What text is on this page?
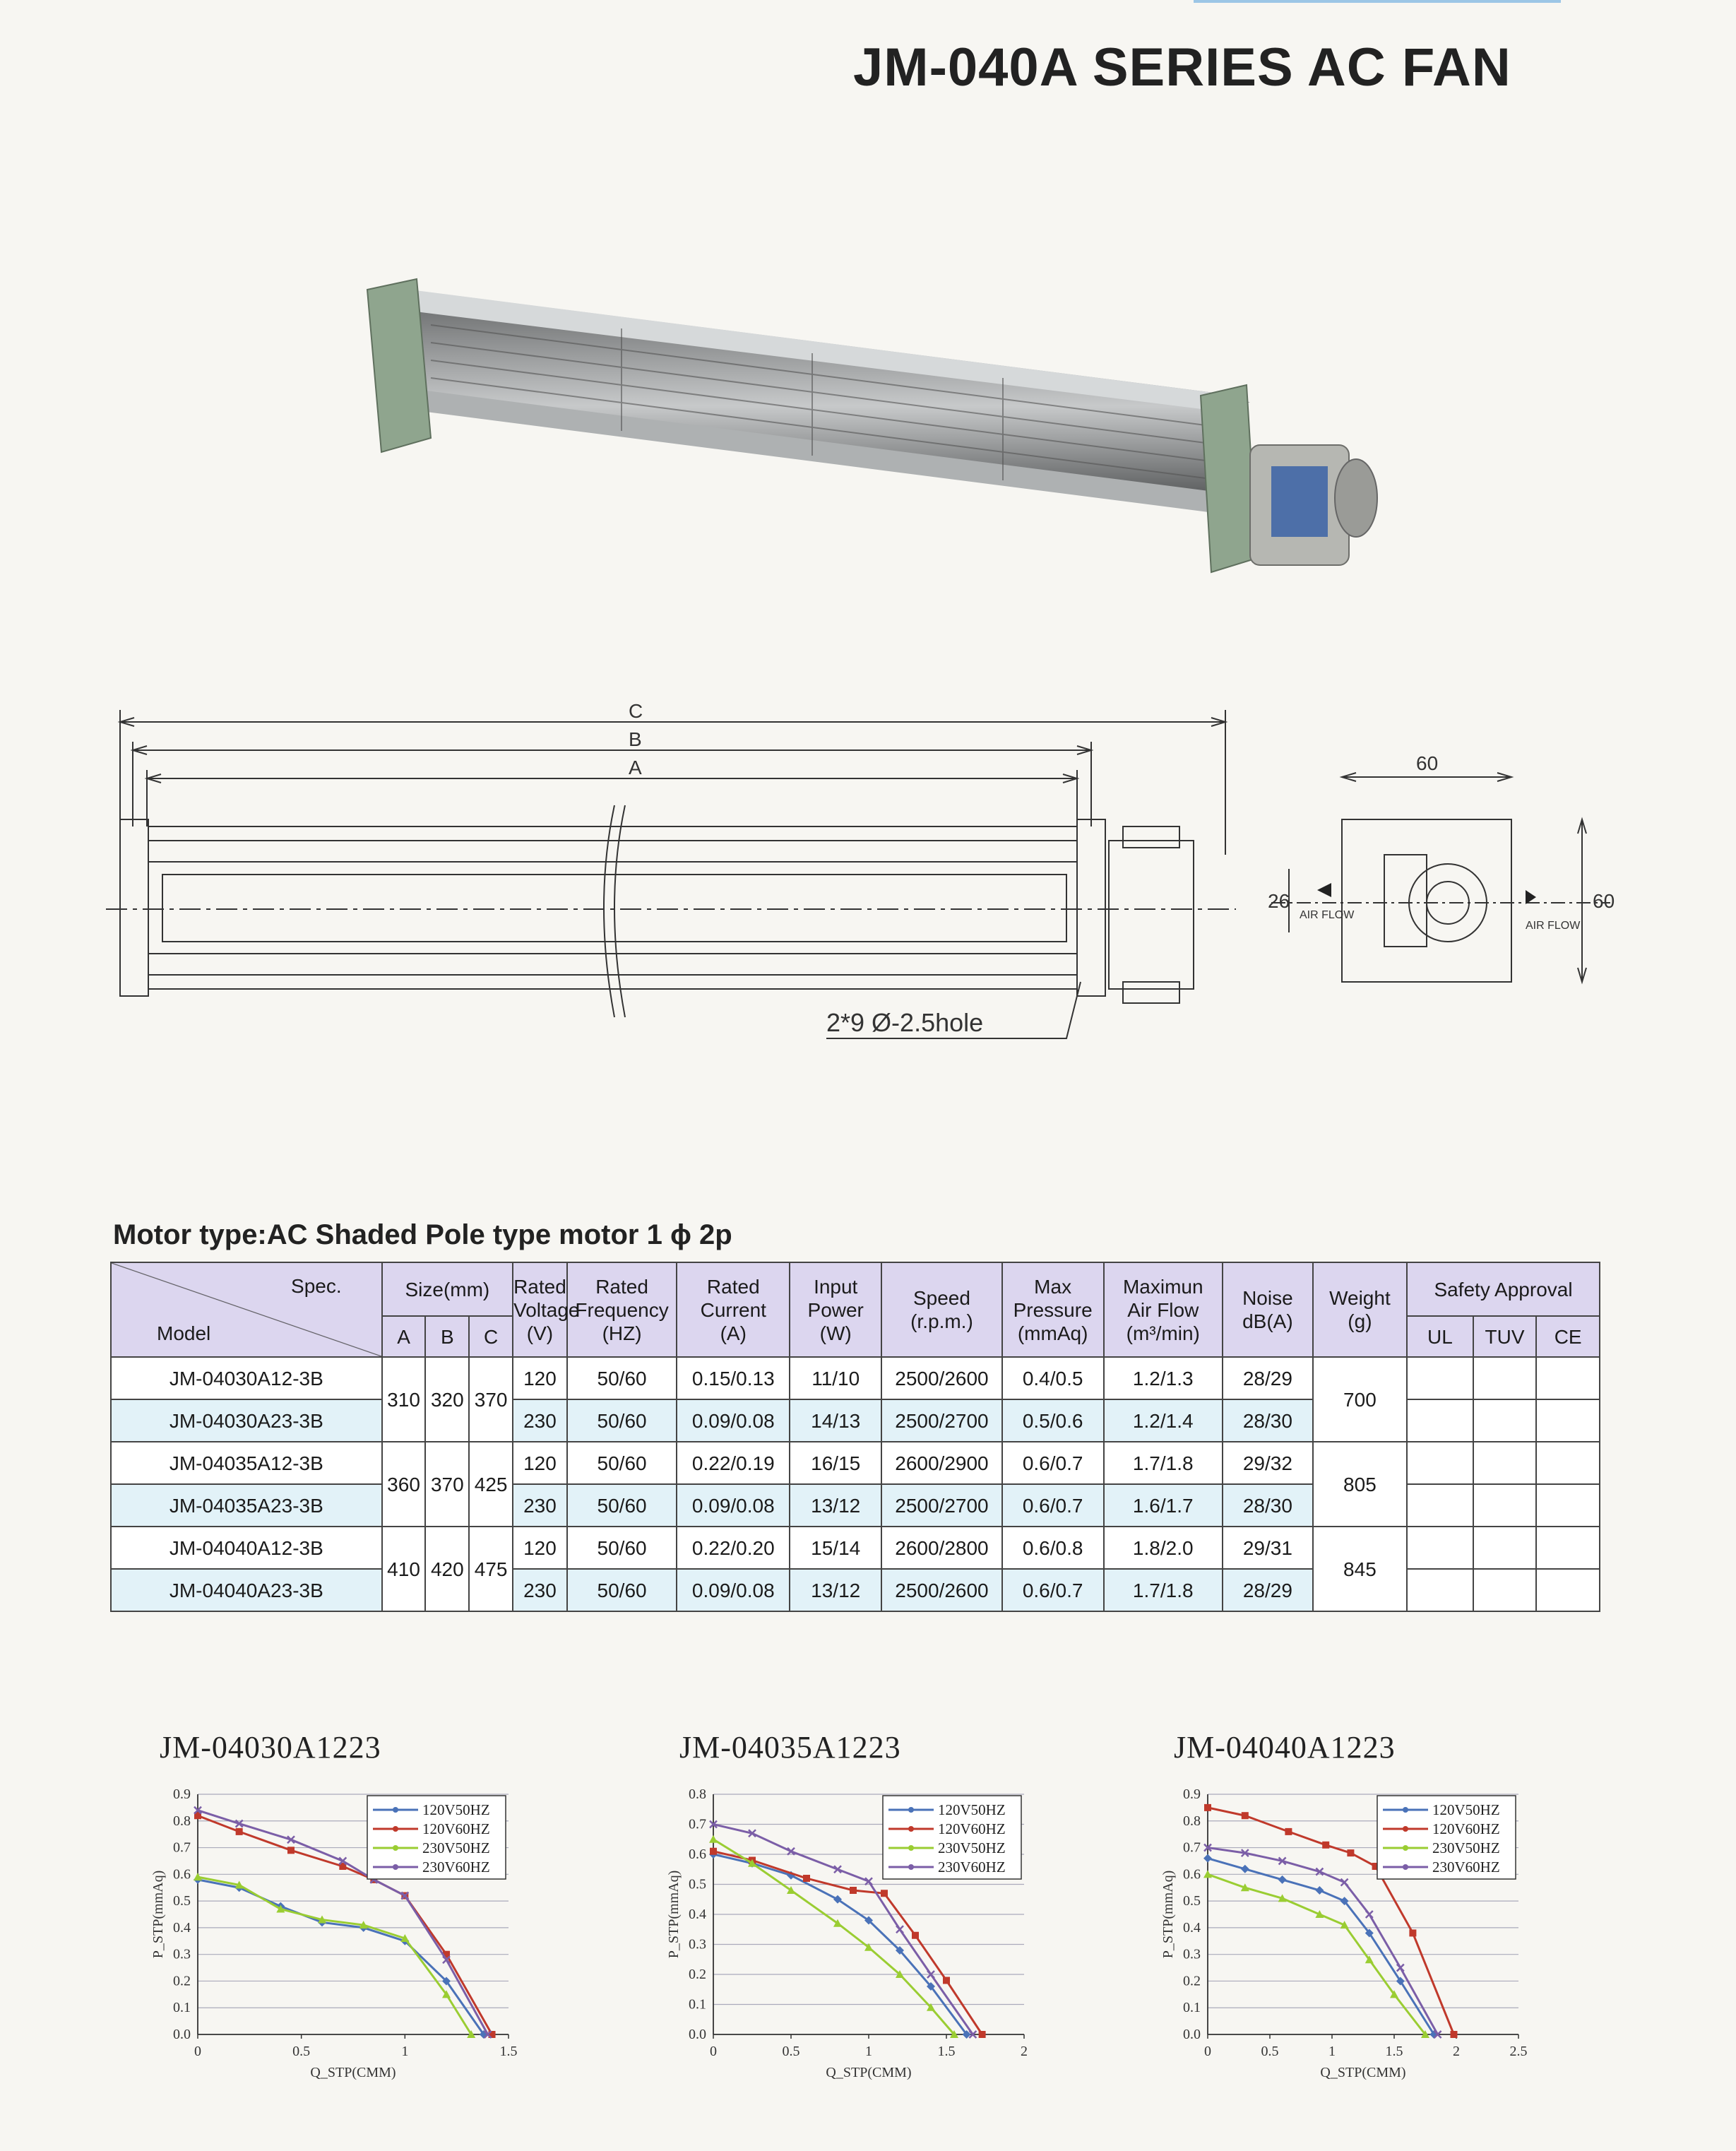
JM-040A SERIES AC FAN
C
B
A
2*9 Ø-2.5hole
60
60
26
AIR FLOW
AIR FLOW
Motor type:AC Shaded Pole type motor 1 ϕ 2p
Spec.
Model	Size(mm)			Rated
Voltage
(V)	Rated
Frequency
(HZ)	Rated
Current
(A)	Input
Power
(W)	Speed
(r.p.m.)	Max
Pressure
(mmAq)	Maximun
Air Flow
(m³/min)	Noise
dB(A)	Weight
(g)	Safety Approval		
	A	B	C										UL	TUV	CE
JM-04030A12-3B	310	320	370	120	50/60	0.15/0.13	11/10	2500/2600	0.4/0.5	1.2/1.3	28/29	700			
JM-04030A23-3B				230	50/60	0.09/0.08	14/13	2500/2700	0.5/0.6	1.2/1.4	28/30				
JM-04035A12-3B	360	370	425	120	50/60	0.22/0.19	16/15	2600/2900	0.6/0.7	1.7/1.8	29/32	805			
JM-04035A23-3B				230	50/60	0.09/0.08	13/12	2500/2700	0.6/0.7	1.6/1.7	28/30				
JM-04040A12-3B	410	420	475	120	50/60	0.22/0.20	15/14	2600/2800	0.6/0.8	1.8/2.0	29/31	845			
JM-04040A23-3B				230	50/60	0.09/0.08	13/12	2500/2600	0.6/0.7	1.7/1.8	28/29				
JM-04030A1223	JM-04035A1223	JM-04040A1223
0.0
0.1
0.2
0.3
0.4
0.5
0.6
0.7
0.8
0.9
0	0.5	1	1.5
Q_STP(CMM)
P_STP(mmAq)
120V50HZ
120V60HZ
230V50HZ
230V60HZ
0.0
0.1
0.2
0.3
0.4
0.5
0.6
0.7
0.8
0	0.5	1	1.5	2
Q_STP(CMM)
P_STP(mmAq)
120V50HZ
120V60HZ
230V50HZ
230V60HZ
0.0
0.1
0.2
0.3
0.4
0.5
0.6
0.7
0.8
0.9
0	0.5	1	1.5	2	2.5
Q_STP(CMM)
P_STP(mmAq)
120V50HZ
120V60HZ
230V50HZ
230V60HZ
